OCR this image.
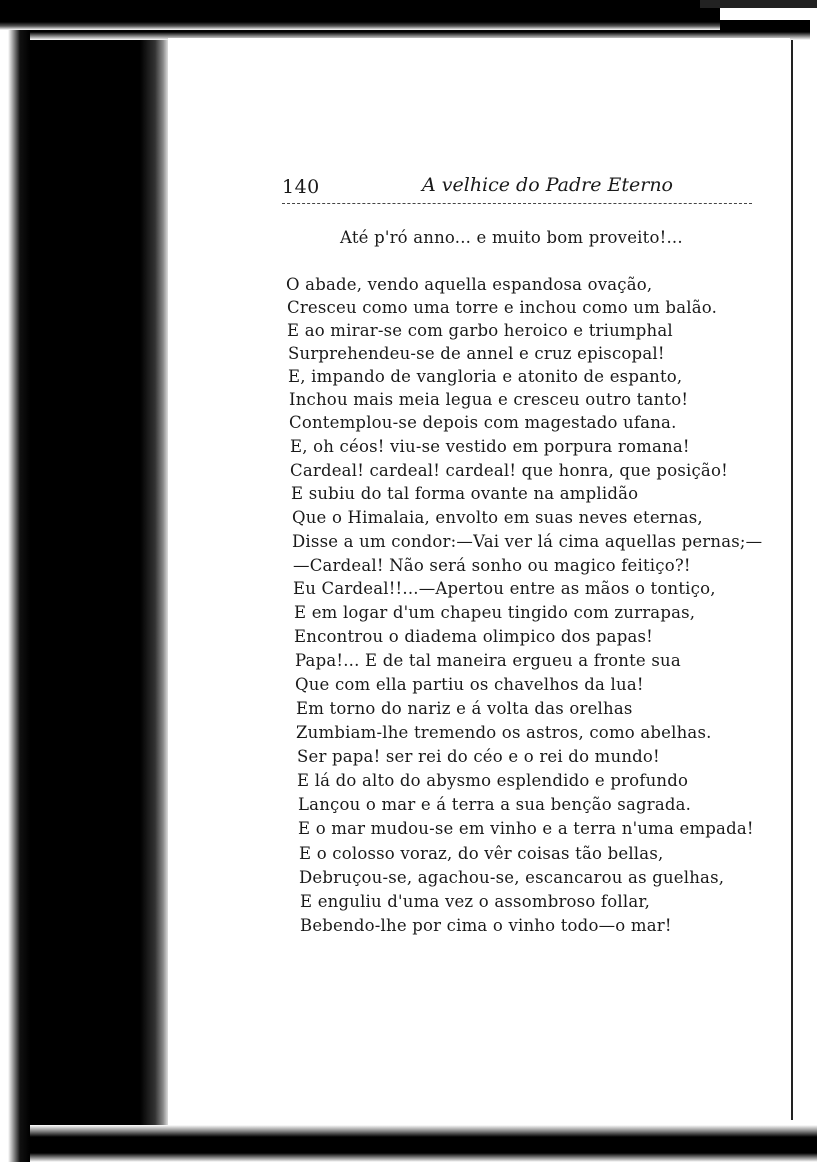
140	A velhice do Padre Eterno
Até p'ró anno... e muito bom proveito!...
O abade, vendo aquella espandosa ovação,
Cresceu como uma torre e inchou como um balão.
E ao mirar-se com garbo heroico e triumphal
Surprehendeu-se de annel e cruz episcopal!
E, impando de vangloria e atonito de espanto,
Inchou mais meia legua e cresceu outro tanto!
Contemplou-se depois com magestado ufana.
E, oh céos! viu-se vestido em porpura romana!
Cardeal! cardeal! cardeal! que honra, que posição!
E subiu do tal forma ovante na amplidão
Que o Himalaia, envolto em suas neves eternas,
Disse a um condor:—Vai ver lá cima aquellas pernas;—
—Cardeal! Não será sonho ou magico feitiço?!
Eu Cardeal!!...—Apertou entre as mãos o tontiço,
E em logar d'um chapeu tingido com zurrapas,
Encontrou o diadema olimpico dos papas!
Papa!... E de tal maneira ergueu a fronte sua
Que com ella partiu os chavelhos da lua!
Em torno do nariz e á volta das orelhas
Zumbiam-lhe tremendo os astros, como abelhas.
Ser papa! ser rei do céo e o rei do mundo!
E lá do alto do abysmo esplendido e profundo
Lançou o mar e á terra a sua benção sagrada.
E o mar mudou-se em vinho e a terra n'uma empada!
E o colosso voraz, do vêr coisas tão bellas,
Debruçou-se, agachou-se, escancarou as guelhas,
E enguliu d'uma vez o assombroso follar,
Bebendo-lhe por cima o vinho todo—o mar!
